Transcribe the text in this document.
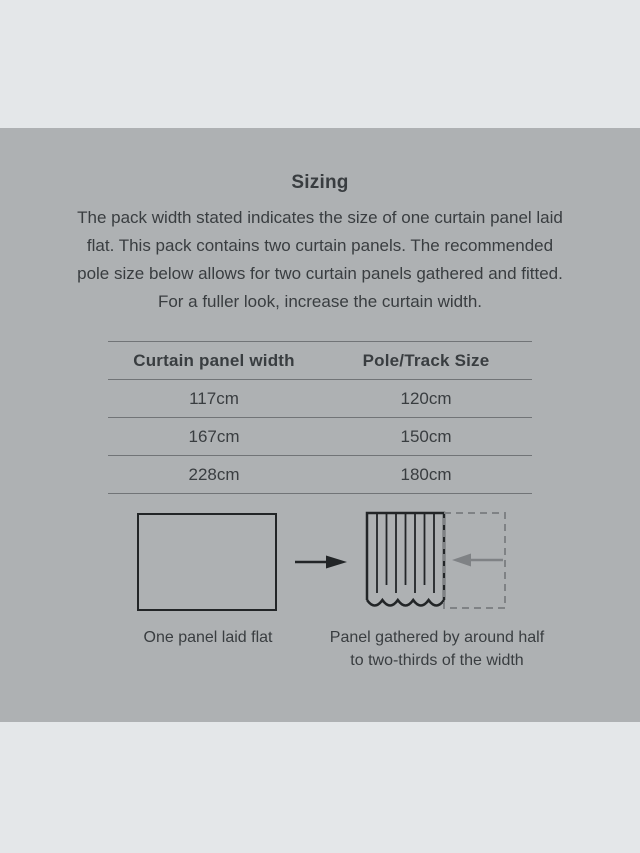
Sizing
The pack width stated indicates the size of one curtain panel laid
flat. This pack contains two curtain panels. The recommended
pole size below allows for two curtain panels gathered and fitted.
For a fuller look, increase the curtain width.
Curtain panel width	Pole/Track Size
117cm	120cm
167cm	150cm
228cm	180cm
One panel laid flat	Panel gathered by around half
to two-thirds of the width
